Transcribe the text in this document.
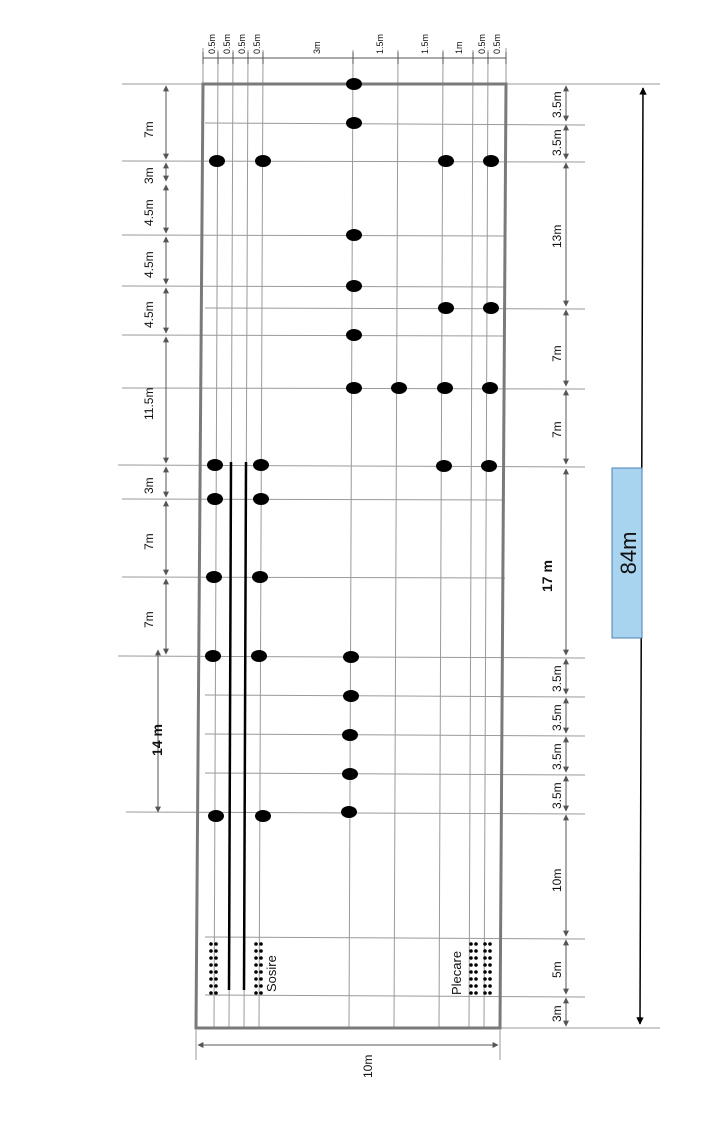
Sosire	Plecare
0.5m 0.5m 0.5m 0.5m	3m	1.5m	1.5m	1m 0.5m 0.5m
7m
3m
4.5m
4.5m
4.5m
11.5m
3m
7m
7m
14 m
3.5m
3.5m
13m
7m
7m
17 m
3.5m
3.5m
3.5m
3.5m
10m
5m
3m
84m
10m
